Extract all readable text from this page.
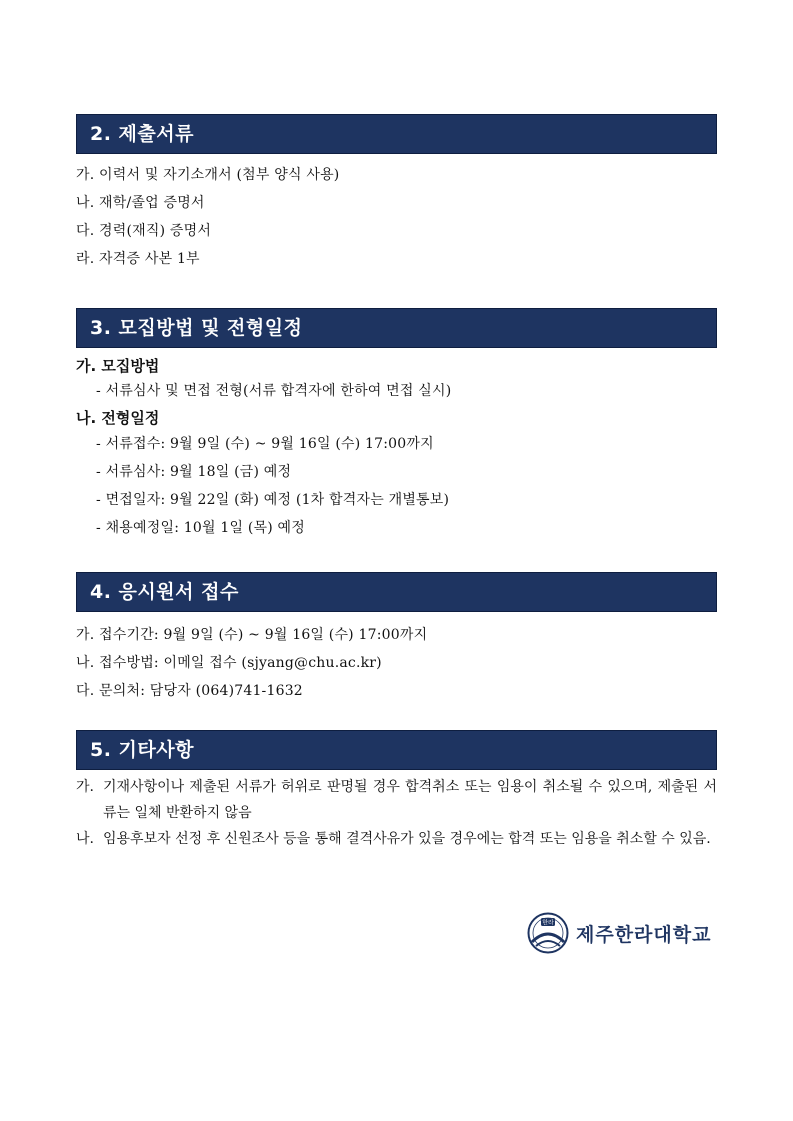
2. 제출서류
가. 이력서 및 자기소개서 (첨부 양식 사용)
나. 재학/졸업 증명서
다. 경력(재직) 증명서
라. 자격증 사본 1부
3. 모집방법 및 전형일정
가. 모집방법
- 서류심사 및 면접 전형(서류 합격자에 한하여 면접 실시)
나. 전형일정
- 서류접수: 9월 9일 (수) ~ 9월 16일 (수) 17:00까지
- 서류심사: 9월 18일 (금) 예정
- 면접일자: 9월 22일 (화) 예정 (1차 합격자는 개별통보)
- 채용예정일: 10월 1일 (목) 예정
4. 응시원서 접수
가. 접수기간: 9월 9일 (수) ~ 9월 16일 (수) 17:00까지
나. 접수방법: 이메일 접수 (sjyang@chu.ac.kr)
다. 문의처: 담당자 (064)741-1632
5. 기타사항
가. 기재사항이나 제출된 서류가 허위로 판명될 경우 합격취소 또는 임용이 취소될 수 있으며, 제출된 서류는 일체 반환하지 않음
나. 임용후보자 선정 후 신원조사 등을 통해 결격사유가 있을 경우에는 합격 또는 임용을 취소할 수 있음.
한라
제주한라대학교
